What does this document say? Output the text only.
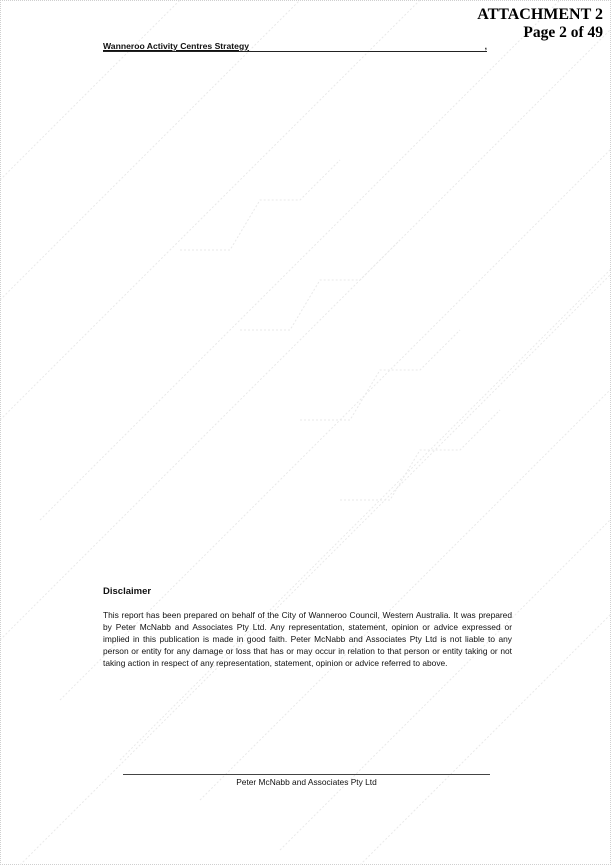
ATTACHMENT 2
Page 2 of 49
Wanneroo Activity Centres Strategy	,
Disclaimer
This report has been prepared on behalf of the City of Wanneroo Council, Western Australia. It was prepared by Peter McNabb and Associates Pty Ltd. Any representation, statement, opinion or advice expressed or implied in this publication is made in good faith. Peter McNabb and Associates Pty Ltd is not liable to any person or entity for any damage or loss that has or may occur in relation to that person or entity taking or not taking action in respect of any representation, statement, opinion or advice referred to above.
Peter McNabb and Associates Pty Ltd
